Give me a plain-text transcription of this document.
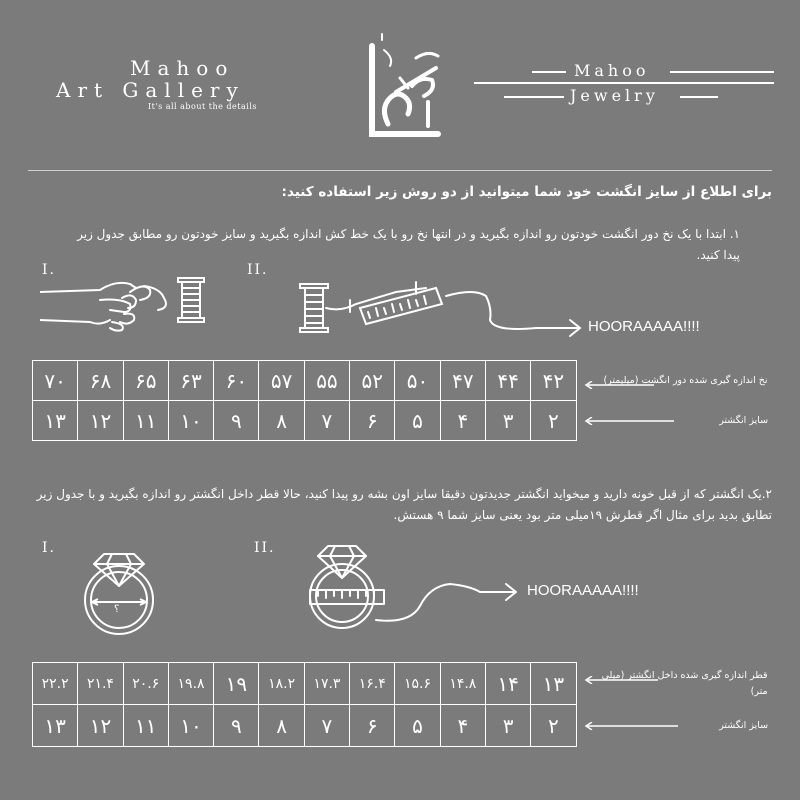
Mahoo
Art Gallery
It's all about the details
Mahoo
Jewelry
برای اطلاع از سایز انگشت خود شما میتوانید از دو روش زیر استفاده کنید:
۱. ابتدا با یک نخ دور انگشت خودتون رو اندازه بگیرید و در انتها نخ رو با یک خط کش اندازه بگیرید و سایز خودتون رو مطابق جدول زیر پیدا کنید.
I.	II.
HOORAAAAA!!!!
۷۰	۶۸	۶۵	۶۳	۶۰	۵۷	۵۵	۵۲	۵۰	۴۷	۴۴	۴۲	نخ اندازه گیری شده دور انگشت (میلیمتر)

۱۳	۱۲	۱۱	۱۰	۹	۸	۷	۶	۵	۴	۳	۲	سایز انگشتر
۲.یک انگشتر که از قبل خونه دارید و میخواید انگشتر جدیدتون دقیقا سایز اون بشه رو پیدا کنید، حالا قطر داخل انگشتر رو اندازه بگیرید و با جدول زیر تطابق بدید برای مثال اگر قطرش ۱۹میلی متر بود یعنی سایز شما ۹ هستش.
I.	II.
؟
HOORAAAAA!!!!
۲۲.۲	۲۱.۴	۲۰.۶	۱۹.۸	۱۹	۱۸.۲	۱۷.۳	۱۶.۴	۱۵.۶	۱۴.۸	۱۴	۱۳	قطر اندازه گیری شده داخل انگشتر (میلی متر)

۱۳	۱۲	۱۱	۱۰	۹	۸	۷	۶	۵	۴	۳	۲	سایز انگشتر
